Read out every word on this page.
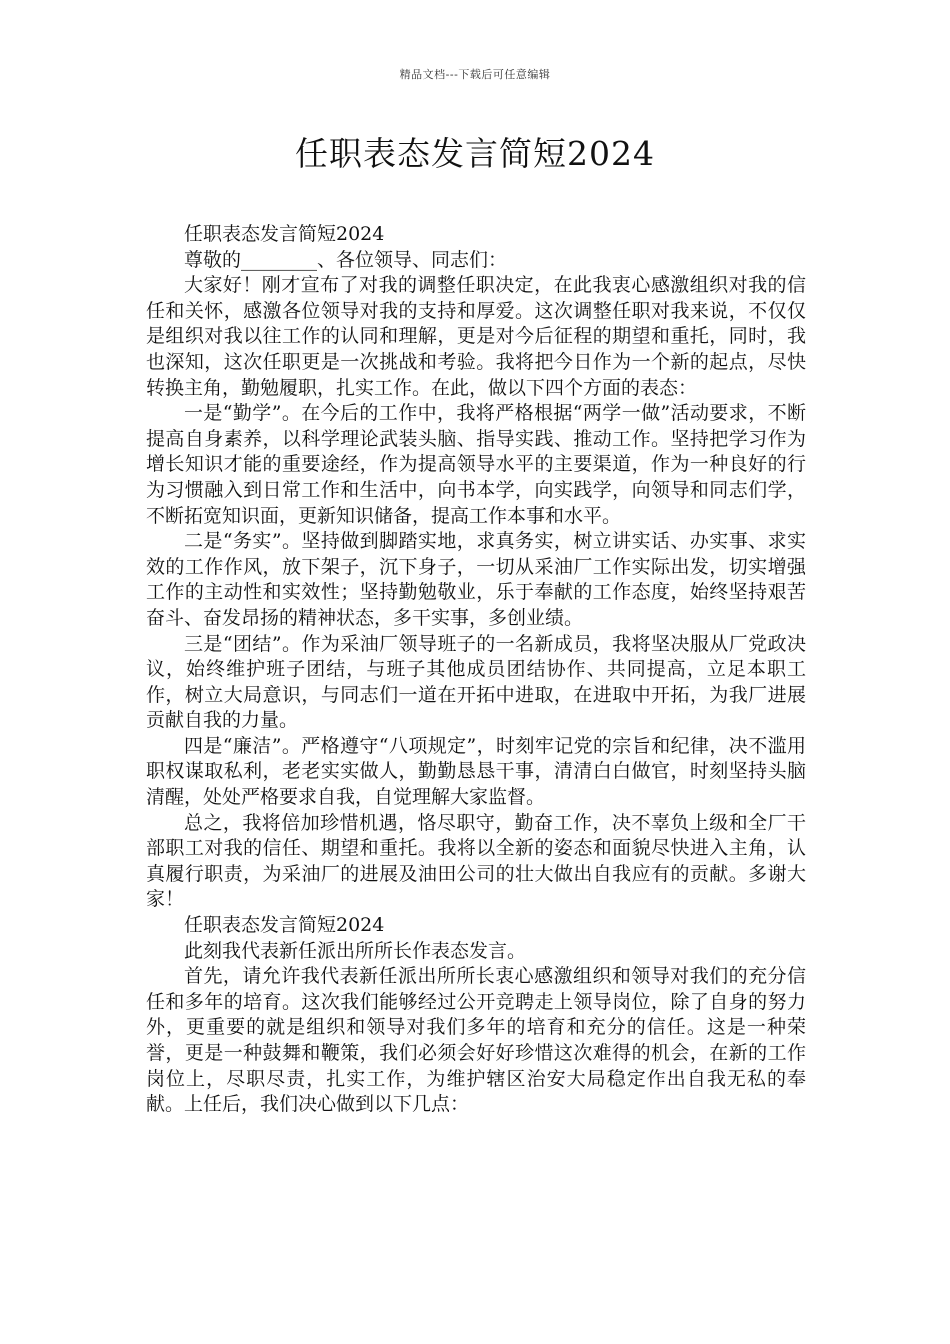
精品文档---下载后可任意编辑
任职表态发言简短2024

任职表态发言简短2024

尊敬的________、各位领导、同志们：

大家好！刚才宣布了对我的调整任职决定，在此我衷心感激组织对我的信任和关怀，感激各位领导对我的支持和厚爱。这次调整任职对我来说，不仅仅是组织对我以往工作的认同和理解，更是对今后征程的期望和重托，同时，我也深知，这次任职更是一次挑战和考验。我将把今日作为一个新的起点，尽快转换主角，勤勉履职，扎实工作。在此，做以下四个方面的表态：

一是“勤学”。在今后的工作中，我将严格根据“两学一做”活动要求，不断提高自身素养，以科学理论武装头脑、指导实践、推动工作。坚持把学习作为增长知识才能的重要途经，作为提高领导水平的主要渠道，作为一种良好的行为习惯融入到日常工作和生活中，向书本学，向实践学，向领导和同志们学，不断拓宽知识面，更新知识储备，提高工作本事和水平。

二是“务实”。坚持做到脚踏实地，求真务实，树立讲实话、办实事、求实效的工作作风，放下架子，沉下身子，一切从采油厂工作实际出发，切实增强工作的主动性和实效性；坚持勤勉敬业，乐于奉献的工作态度，始终坚持艰苦奋斗、奋发昂扬的精神状态，多干实事，多创业绩。

三是“团结”。作为采油厂领导班子的一名新成员，我将坚决服从厂党政决议，始终维护班子团结，与班子其他成员团结协作、共同提高，立足本职工作，树立大局意识，与同志们一道在开拓中进取，在进取中开拓，为我厂进展贡献自我的力量。

四是“廉洁”。严格遵守“八项规定”，时刻牢记党的宗旨和纪律，决不滥用职权谋取私利，老老实实做人，勤勤恳恳干事，清清白白做官，时刻坚持头脑清醒，处处严格要求自我，自觉理解大家监督。

总之，我将倍加珍惜机遇，恪尽职守，勤奋工作，决不辜负上级和全厂干部职工对我的信任、期望和重托。我将以全新的姿态和面貌尽快进入主角，认真履行职责，为采油厂的进展及油田公司的壮大做出自我应有的贡献。多谢大家！

任职表态发言简短2024

此刻我代表新任派出所所长作表态发言。

首先，请允许我代表新任派出所所长衷心感激组织和领导对我们的充分信任和多年的培育。这次我们能够经过公开竞聘走上领导岗位，除了自身的努力外，更重要的就是组织和领导对我们多年的培育和充分的信任。这是一种荣誉，更是一种鼓舞和鞭策，我们必须会好好珍惜这次难得的机会，在新的工作岗位上，尽职尽责，扎实工作，为维护辖区治安大局稳定作出自我无私的奉献。上任后，我们决心做到以下几点：
